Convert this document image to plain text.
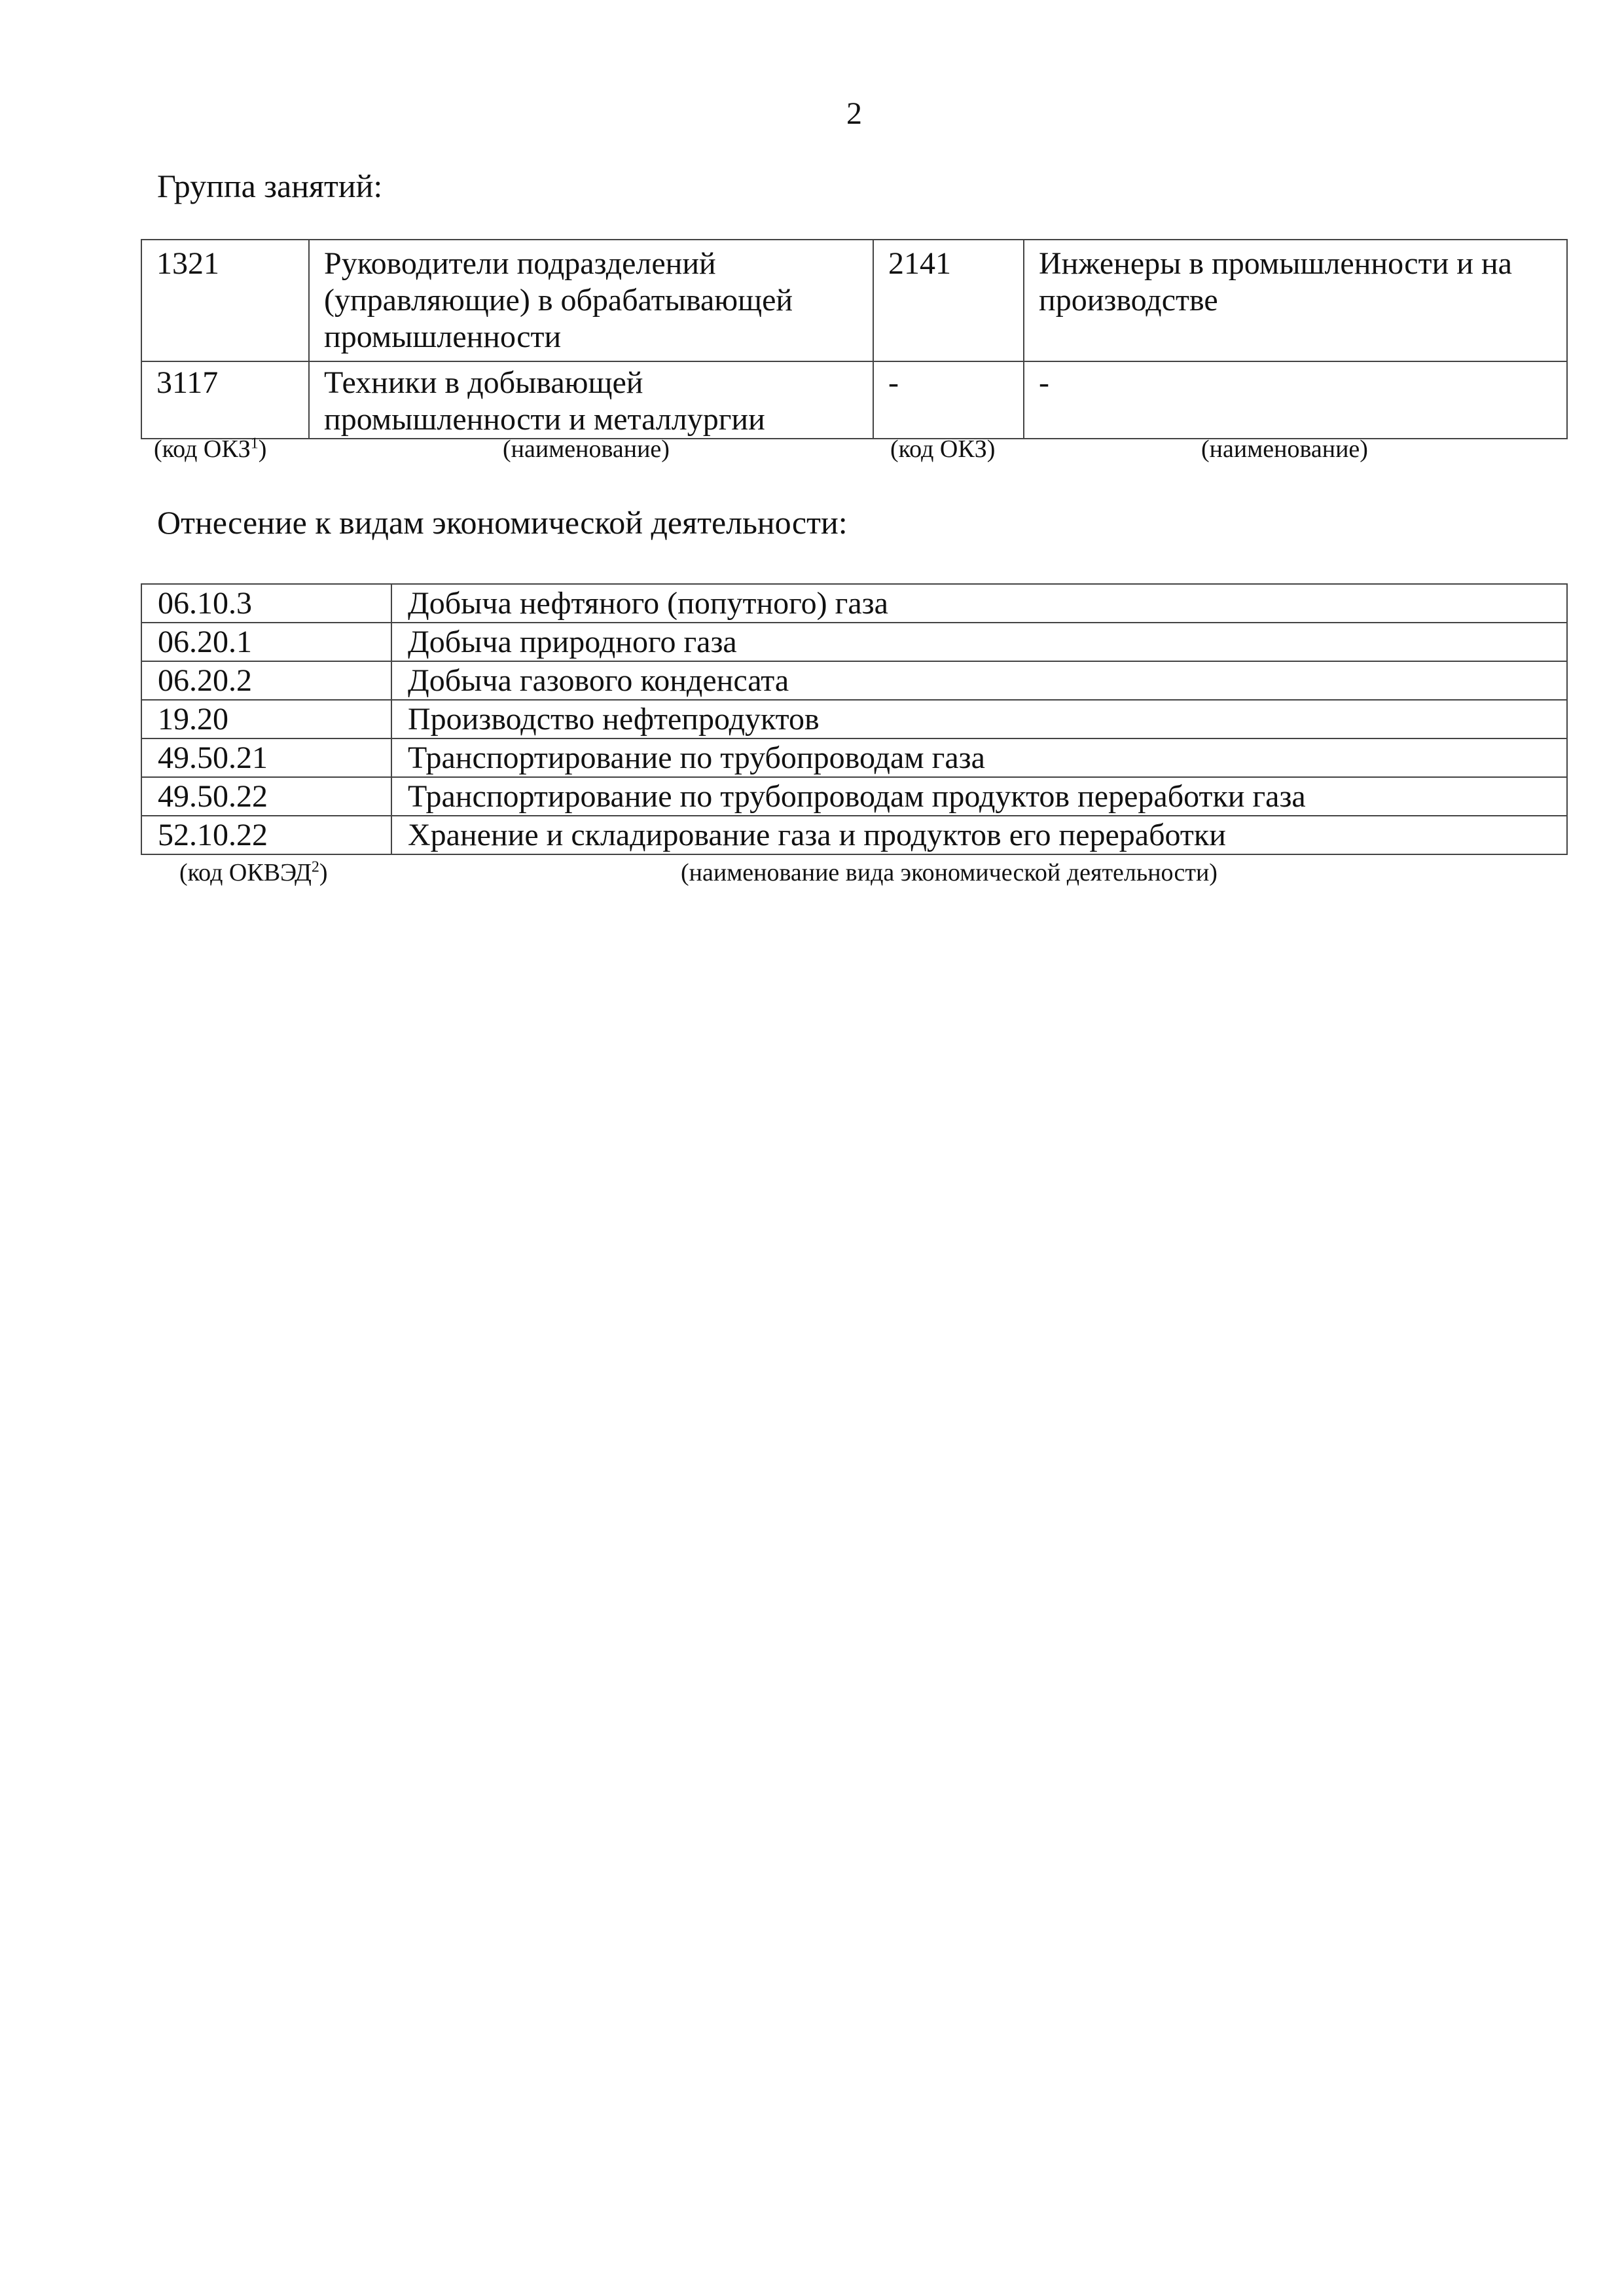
2
Группа занятий:
1321	Руководители подразделений (управляющие) в обрабатывающей промышленности	2141	Инженеры в промышленности и на производстве
3117	Техники в добывающей промышленности и металлургии	-	-
(код ОКЗ$^1$)	(наименование)	(код ОКЗ)	(наименование)
Отнесение к видам экономической деятельности:
06.10.3	Добыча нефтяного (попутного) газа
06.20.1	Добыча природного газа
06.20.2	Добыча газового конденсата
19.20	Производство нефтепродуктов
49.50.21	Транспортирование по трубопроводам газа
49.50.22	Транспортирование по трубопроводам продуктов переработки газа
52.10.22	Хранение и складирование газа и продуктов его переработки
(код ОКВЭД$^2$)	(наименование вида экономической деятельности)
